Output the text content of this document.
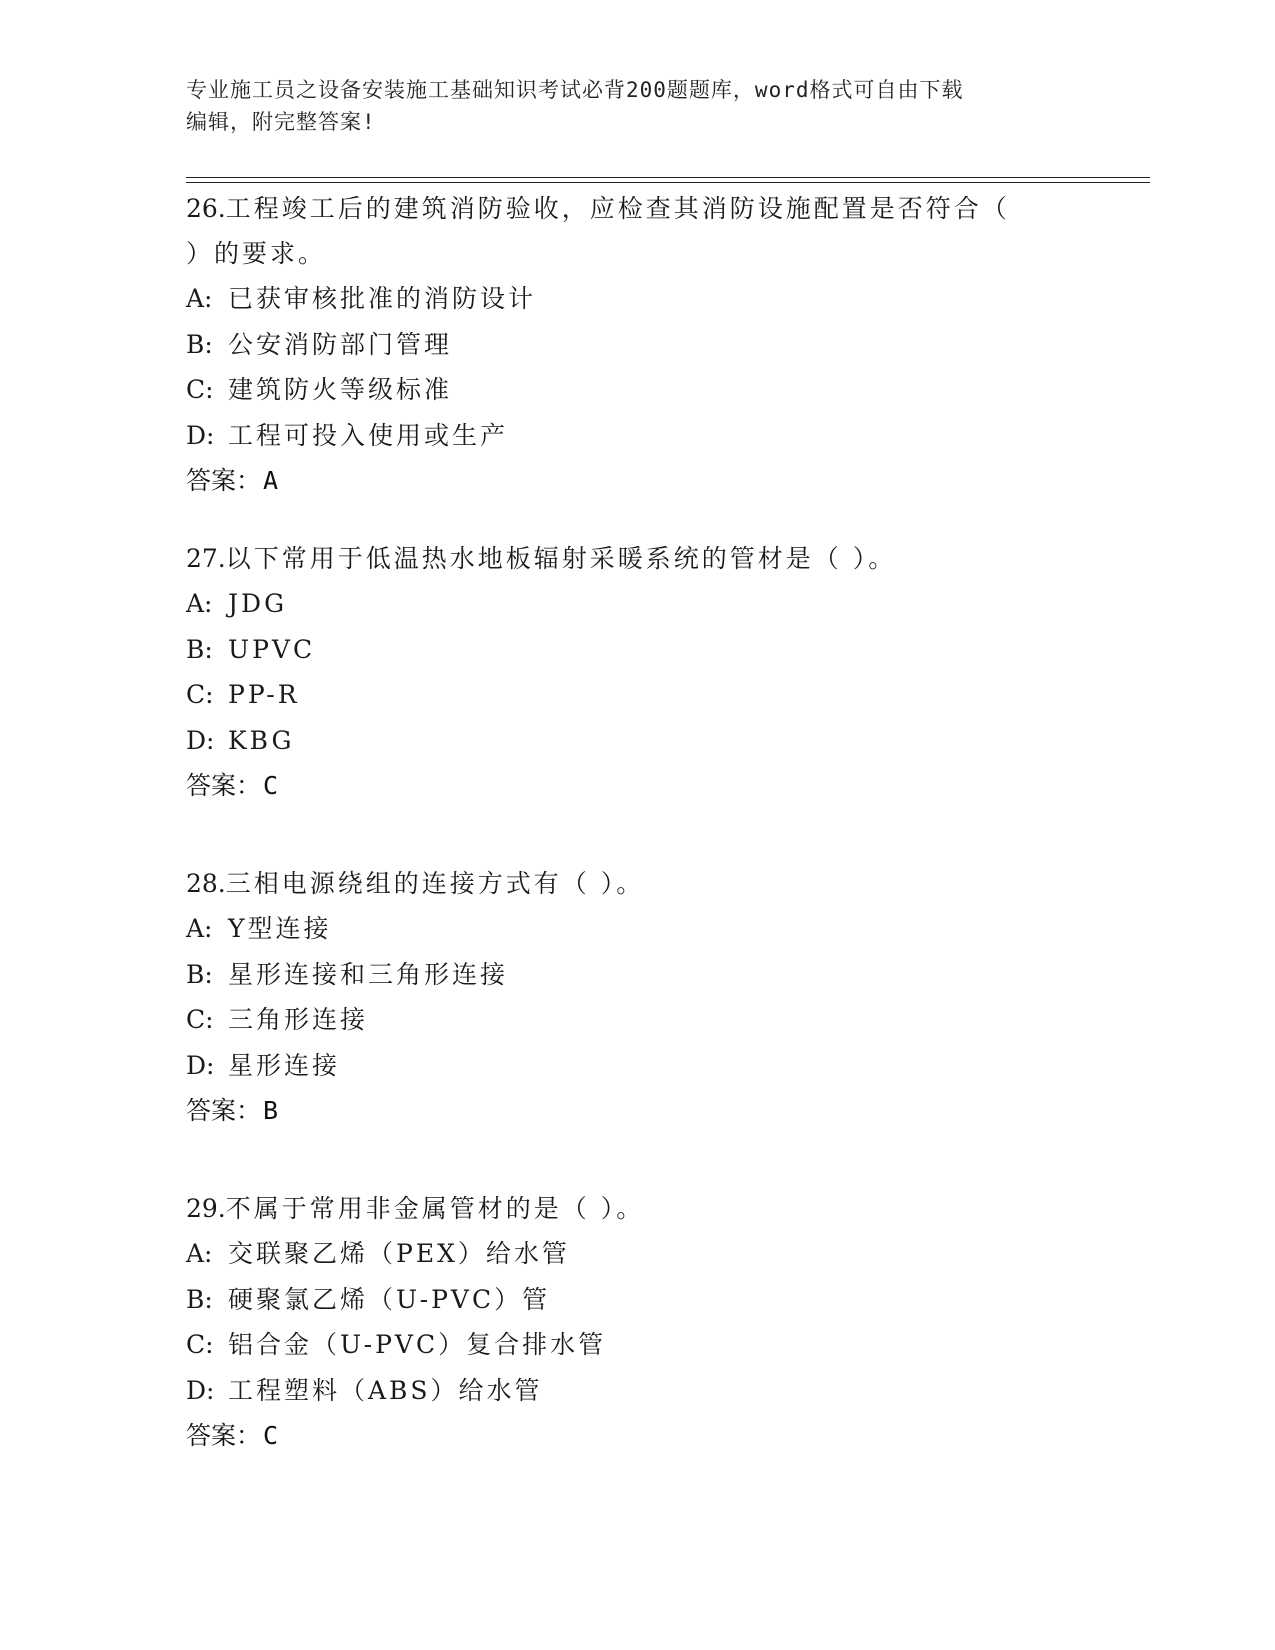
专业施工员之设备安装施工基础知识考试必背200题题库，word格式可自由下载
编辑，附完整答案!
26.工程竣工后的建筑消防验收，应检查其消防设施配置是否符合（
）的要求。
A: 已获审核批准的消防设计
B: 公安消防部门管理
C: 建筑防火等级标准
D: 工程可投入使用或生产
答案：A
27.以下常用于低温热水地板辐射采暖系统的管材是（ ）。
A: JDG
B: UPVC
C: PP-R
D: KBG
答案：C
28.三相电源绕组的连接方式有（ ）。
A: Y型连接
B: 星形连接和三角形连接
C: 三角形连接
D: 星形连接
答案：B
29.不属于常用非金属管材的是（ ）。
A: 交联聚乙烯（PEX）给水管
B: 硬聚氯乙烯（U-PVC）管
C: 铝合金（U-PVC）复合排水管
D: 工程塑料（ABS）给水管
答案：C
